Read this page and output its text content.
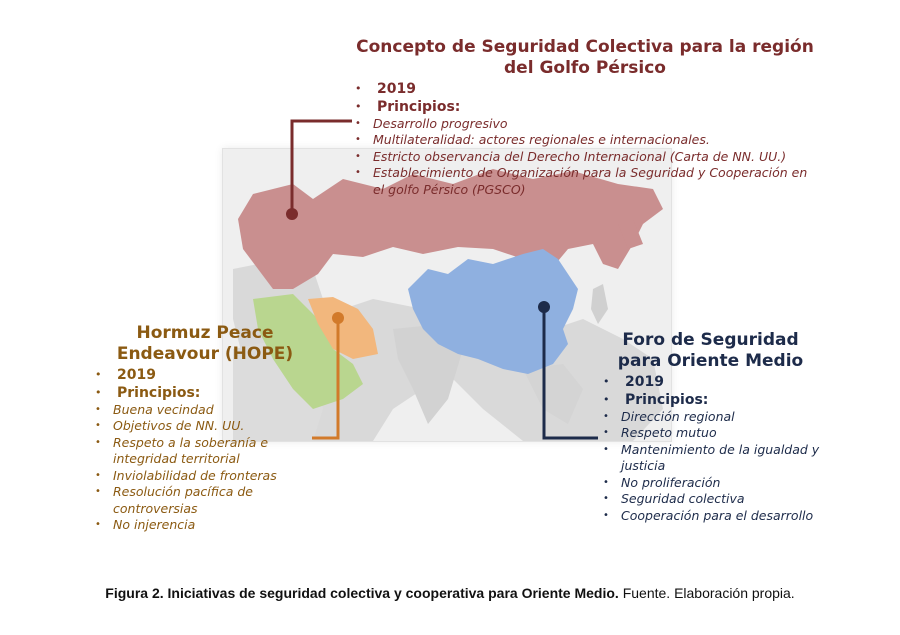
Concepto de Seguridad Colectiva para la región del Golfo Pérsico
• 2019
• Principios:
• Desarrollo progresivo
• Multilateralidad: actores regionales e internacionales.
• Estricto observancia del Derecho Internacional (Carta de NN. UU.)
• Establecimiento de Organización para la Seguridad y Cooperación en el golfo Pérsico (PGSCO)
Hormuz Peace Endeavour (HOPE)
• 2019
• Principios:
• Buena vecindad
• Objetivos de NN. UU.
• Respeto a la soberanía e integridad territorial
• Inviolabilidad de fronteras
• Resolución pacífica de controversias
• No injerencia
Foro de Seguridad para Oriente Medio
• 2019
• Principios:
• Dirección regional
• Respeto mutuo
• Mantenimiento de la igualdad y justicia
• No proliferación
• Seguridad colectiva
• Cooperación para el desarrollo
Figura 2. Iniciativas de seguridad colectiva y cooperativa para Oriente Medio. Fuente. Elaboración propia.
